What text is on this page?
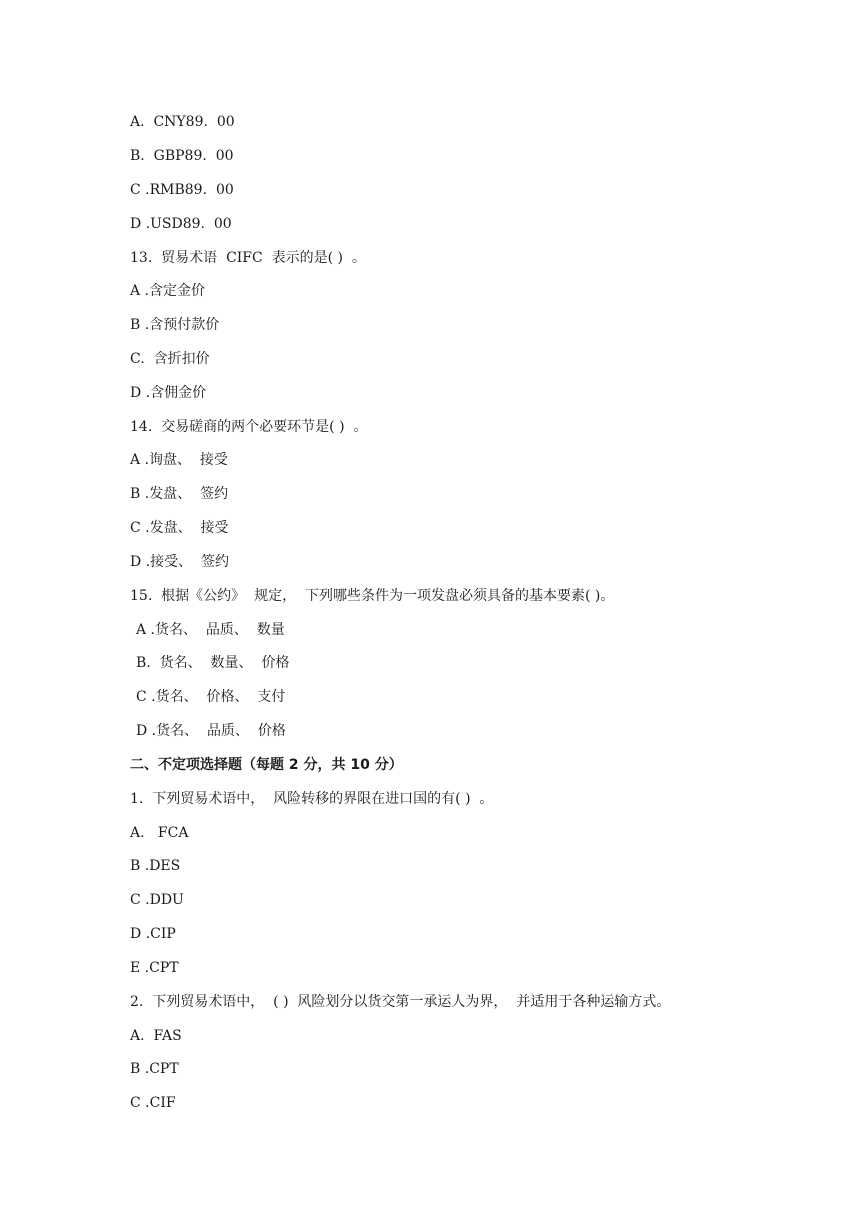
A.  CNY89.  00
B.  GBP89.  00
C .RMB89.  00
D .USD89.  00
13.  贸易术语  CIFC  表示的是( )  。
A .含定金价
B .含预付款价
C.  含折扣价
D .含佣金价
14.  交易磋商的两个必要环节是( )  。
A .询盘、  接受
B .发盘、  签约
C .发盘、  接受
D .接受、  签约
15.  根据《公约》  规定，  下列哪些条件为一项发盘必须具备的基本要素( )。
A .货名、  品质、  数量
B.  货名、  数量、  价格
C .货名、  价格、  支付
D .货名、  品质、  价格
二、不定项选择题（每题 2 分，共 10 分）
1.  下列贸易术语中，  风险转移的界限在进口国的有( )  。
A.   FCA
B .DES
C .DDU
D .CIP
E .CPT
2.  下列贸易术语中，  ( )  风险划分以货交第一承运人为界，  并适用于各种运输方式。
A.  FAS
B .CPT
C .CIF
